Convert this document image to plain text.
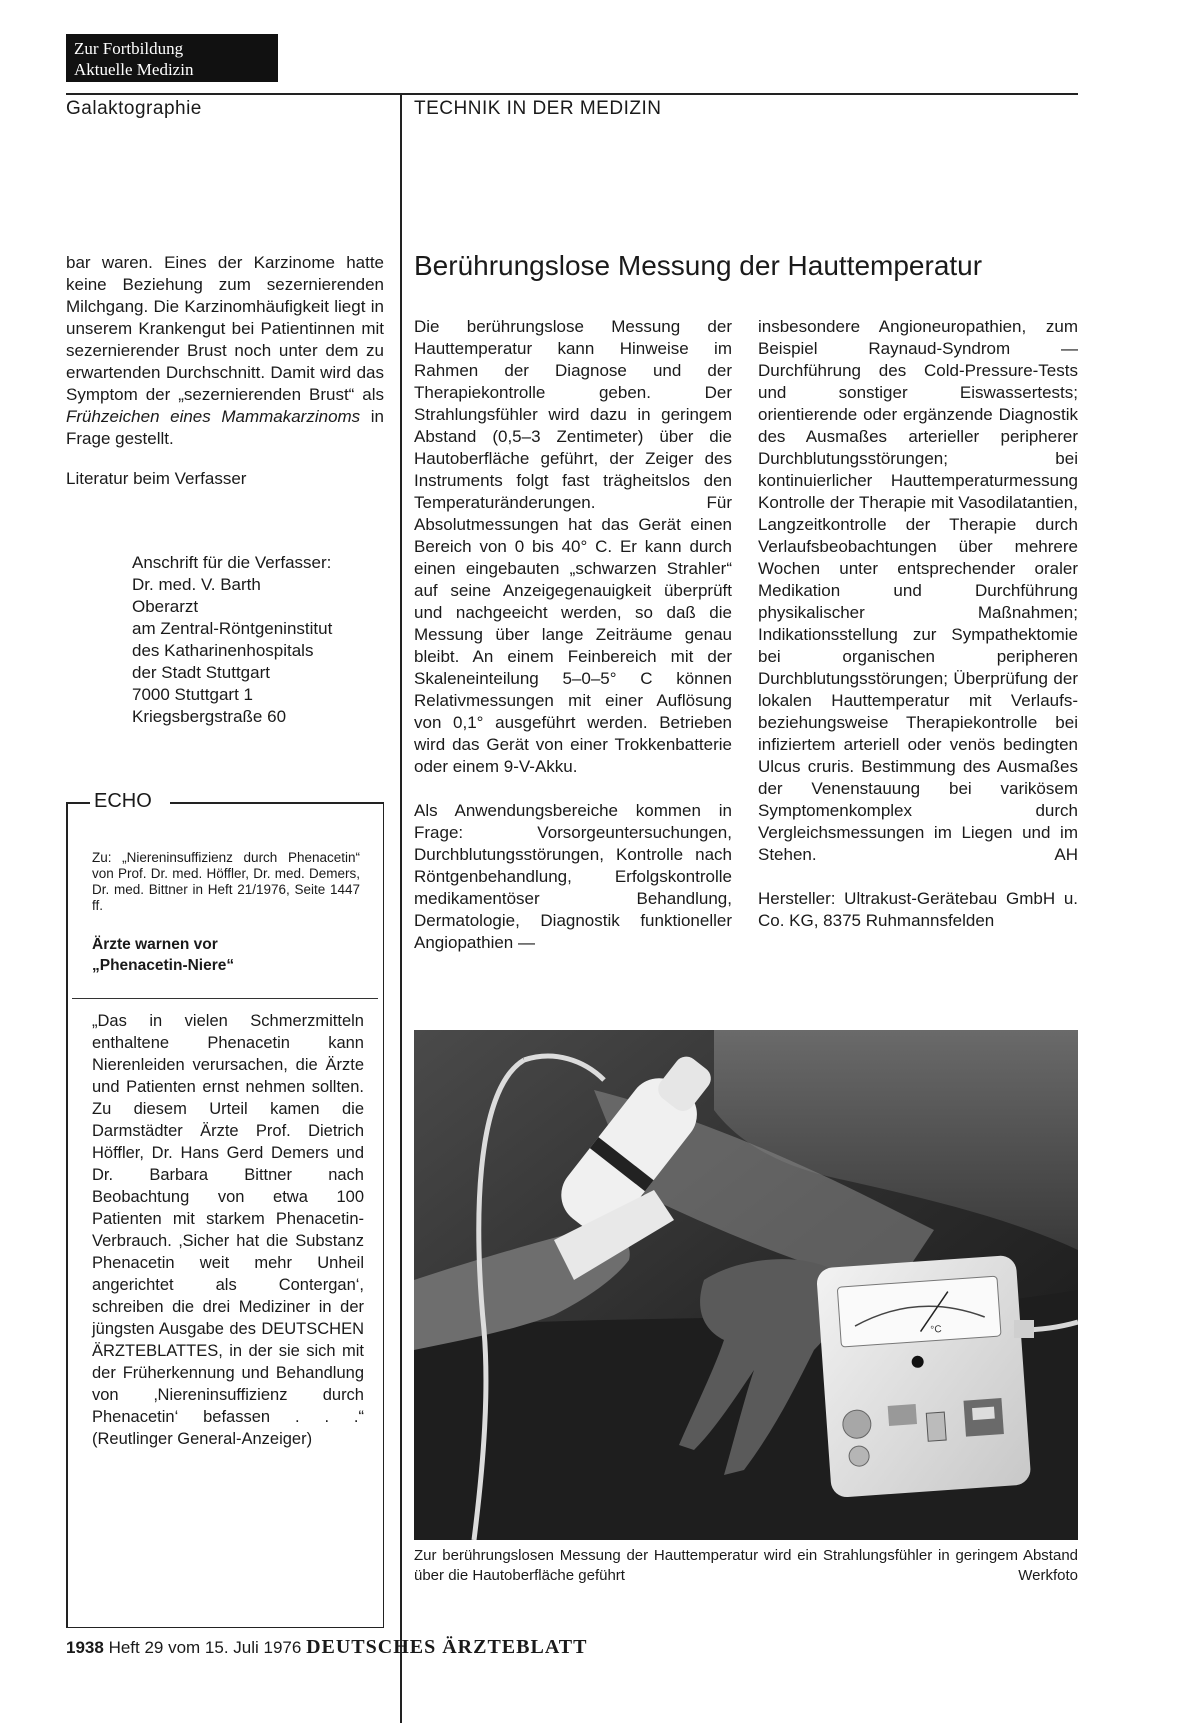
Zur Fortbildung
Aktuelle Medizin
Galaktographie	TECHNIK IN DER MEDIZIN

bar waren. Eines der Karzinome hatte keine Beziehung zum sezernierenden Milchgang. Die Karzinomhäufigkeit liegt in unserem Krankengut bei Patientinnen mit sezernierender Brust noch unter dem zu erwartenden Durchschnitt. Damit wird das Symptom der „sezernierenden Brust“ als Frühzeichen eines Mammakarzinoms in Frage gestellt.

Literatur beim Verfasser

Anschrift für die Verfasser:
Dr. med. V. Barth
Oberarzt
am Zentral-Röntgeninstitut
des Katharinenhospitals
der Stadt Stuttgart
7000 Stuttgart 1
Kriegsbergstraße 60
ECHO
Zu: „Niereninsuffizienz durch Phenacetin“ von Prof. Dr. med. Höffler, Dr. med. Demers, Dr. med. Bittner in Heft 21/1976, Seite 1447 ff.
Ärzte warnen vor
„Phenacetin-Niere“
„Das in vielen Schmerzmitteln enthaltene Phenacetin kann Nierenleiden verursachen, die Ärzte und Patienten ernst nehmen sollten. Zu diesem Urteil kamen die Darmstädter Ärzte Prof. Dietrich Höffler, Dr. Hans Gerd Demers und Dr. Barbara Bittner nach Beobachtung von etwa 100 Patienten mit starkem Phenacetin-Verbrauch. ‚Sicher hat die Substanz Phenacetin weit mehr Unheil angerichtet als Contergan‘, schreiben die drei Mediziner in der jüngsten Ausgabe des DEUTSCHEN ÄRZTEBLATTES, in der sie sich mit der Früherkennung und Behandlung von ‚Niereninsuffizienz durch Phenacetin‘ befassen . . .“ (Reutlinger General-Anzeiger)
Berührungslose Messung der Hauttemperatur

Die berührungslose Messung der Hauttemperatur kann Hinweise im Rahmen der Diagnose und der Therapiekontrolle geben. Der Strahlungsfühler wird dazu in geringem Abstand (0,5–3 Zentimeter) über die Hautoberfläche geführt, der Zeiger des Instruments folgt fast trägheitslos den Temperaturänderungen. Für Absolutmessungen hat das Gerät einen Bereich von 0 bis 40° C. Er kann durch einen eingebauten „schwarzen Strahler“ auf seine Anzeigegenauigkeit überprüft und nachgeeicht werden, so daß die Messung über lange Zeiträume genau bleibt. An einem Feinbereich mit der Skaleneinteilung 5–0–5° C können Relativmessungen mit einer Auflösung von 0,1° ausgeführt werden. Betrieben wird das Gerät von einer Trokkenbatterie oder einem 9-V-Akku.

Als Anwendungsbereiche kommen in Frage: Vorsorgeuntersuchungen, Durchblutungsstörungen, Kontrolle nach Röntgenbehandlung, Erfolgskontrolle medikamentöser Behandlung, Dermatologie, Diagnostik funktioneller Angiopathien —

insbesondere Angioneuropathien, zum Beispiel Raynaud-Syndrom — Durchführung des Cold-Pressure-Tests und sonstiger Eiswassertests; orientierende oder ergänzende Diagnostik des Ausmaßes arterieller peripherer Durchblutungsstörungen; bei kontinuierlicher Hauttemperaturmessung Kontrolle der Therapie mit Vasodilatantien, Langzeitkontrolle der Therapie durch Verlaufsbeobachtungen über mehrere Wochen unter entsprechender oraler Medikation und Durchführung physikalischer Maßnahmen; Indikationsstellung zur Sympathektomie bei organischen peripheren Durchblutungsstörungen; Überprüfung der lokalen Hauttemperatur mit Verlaufs- beziehungsweise Therapiekontrolle bei infiziertem arteriell oder venös bedingten Ulcus cruris. Bestimmung des Ausmaßes der Venenstauung bei varikösem Symptomenkomplex durch Vergleichsmessungen im Liegen und im Stehen.	AH

Hersteller: Ultrakust-Gerätebau GmbH u. Co. KG, 8375 Ruhmannsfelden

°C
Zur berührungslosen Messung der Hauttemperatur wird ein Strahlungsfühler in geringem Abstand über die Hautoberfläche geführt	Werkfoto
1938 Heft 29 vom 15. Juli 1976 DEUTSCHES ÄRZTEBLATT
